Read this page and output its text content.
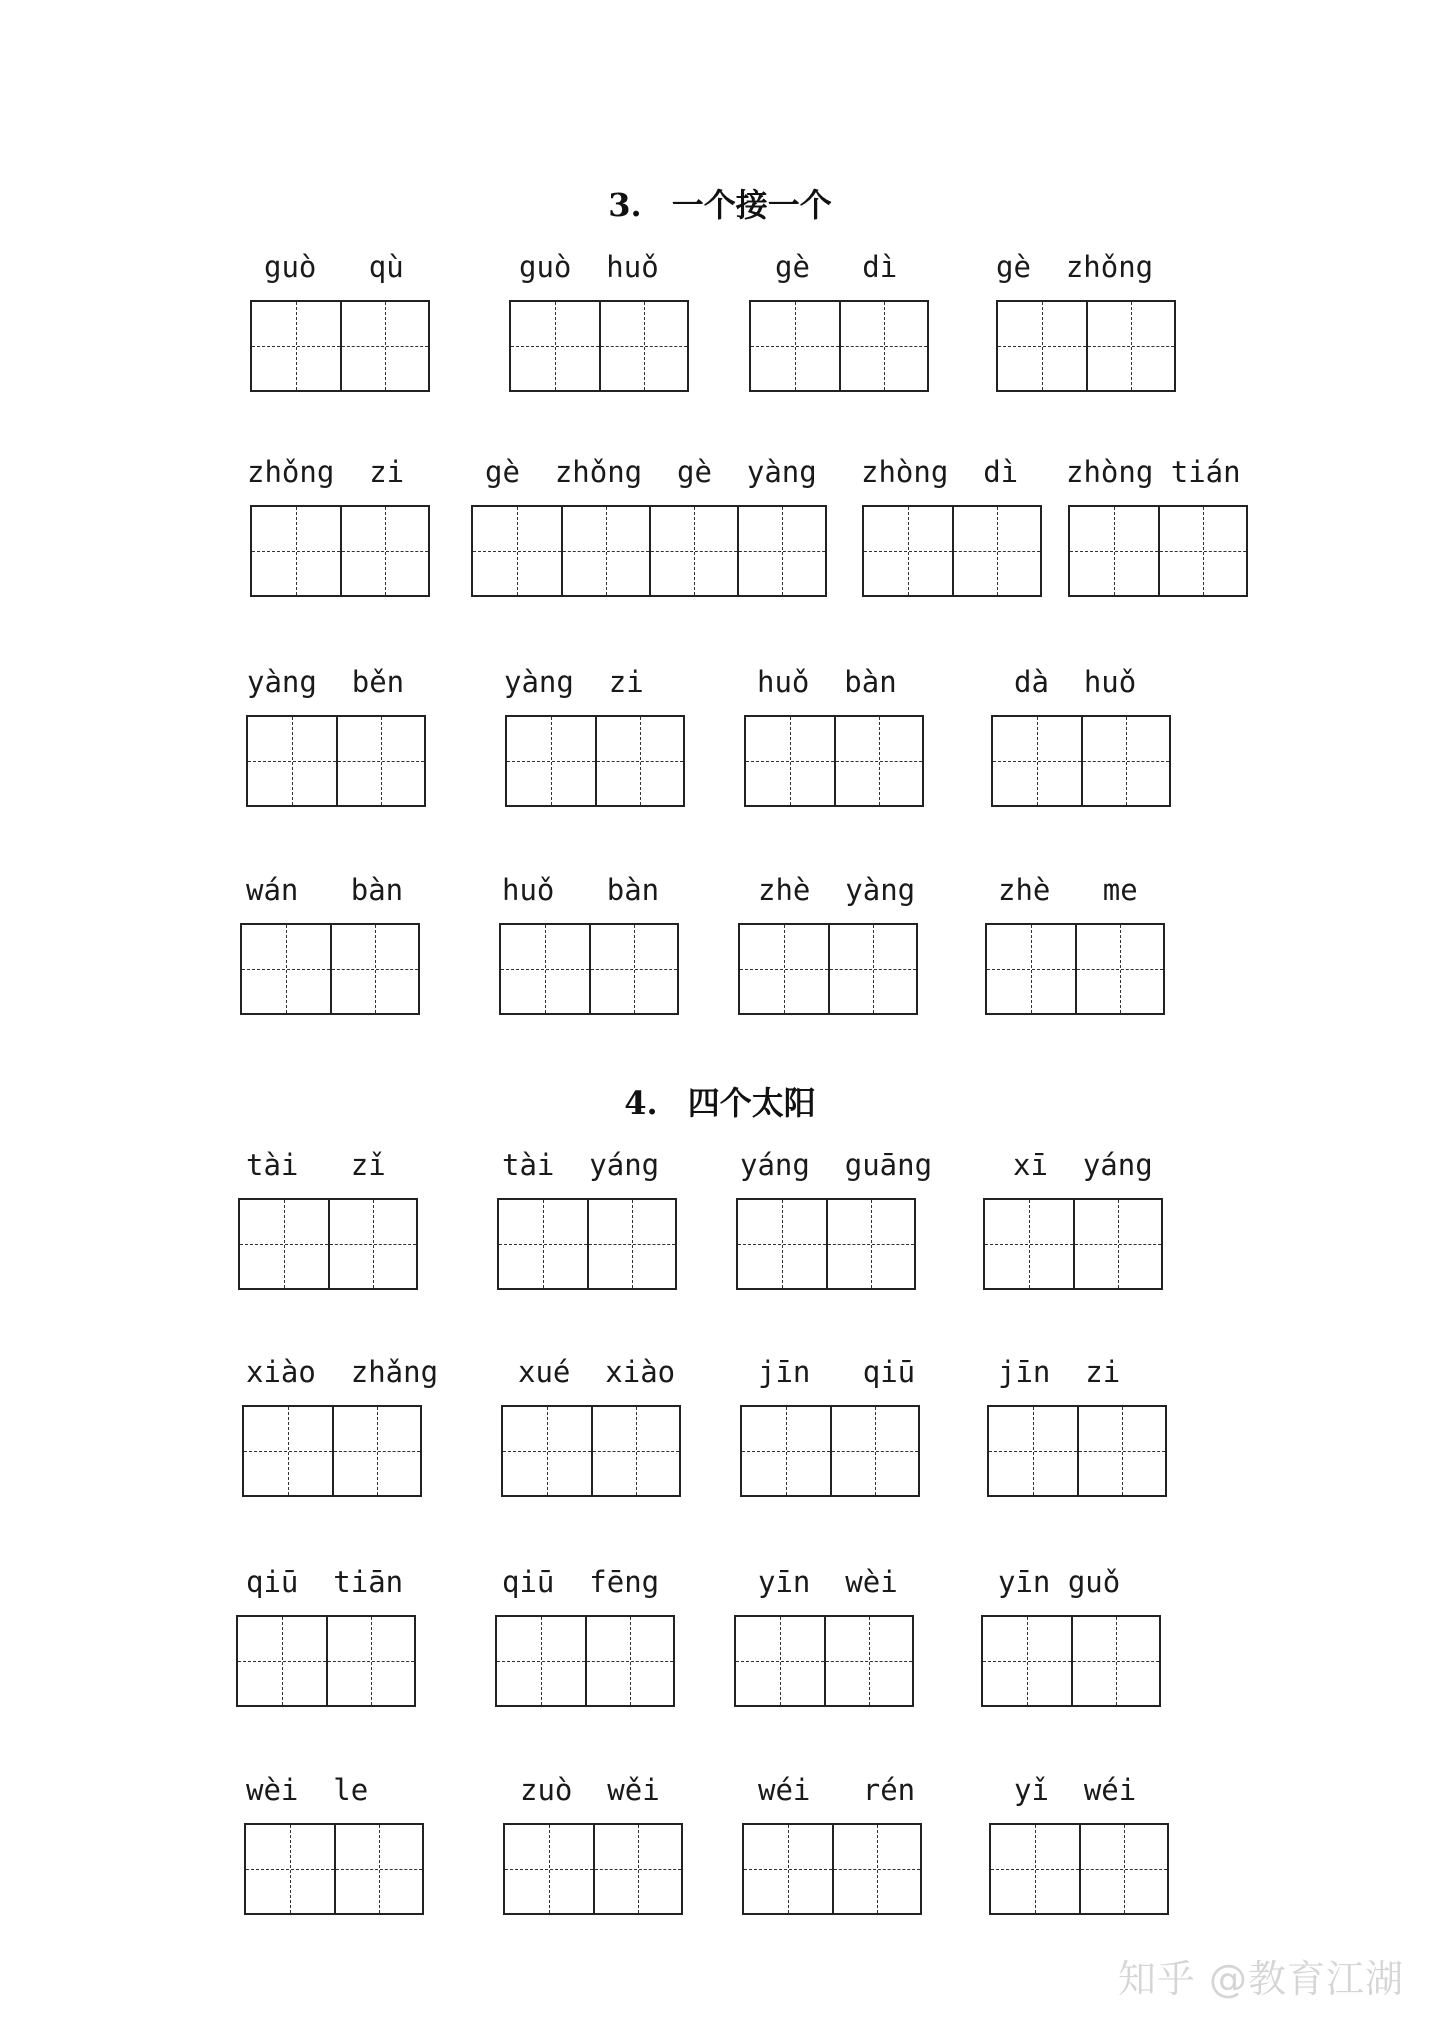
3. 一个接一个
guò   qù	guò  huǒ	gè   dì	gè  zhǒng
zhǒng  zi	gè  zhǒng  gè  yàng zhòng  dì zhòng tián
yàng  běn	yàng  zi	huǒ  bàn	dà  huǒ
wán   bàn	huǒ   bàn	zhè  yàng	zhè   me
4. 四个太阳
tài   zǐ	tài  yáng	yáng  guāng	xī  yáng
xiào  zhǎng	xué  xiào	jīn   qiū	jīn  zi
qiū  tiān	qiū  fēng	yīn  wèi	yīn guǒ
wèi  le	zuò  wěi	wéi   rén	yǐ  wéi
知乎 @教育江湖
